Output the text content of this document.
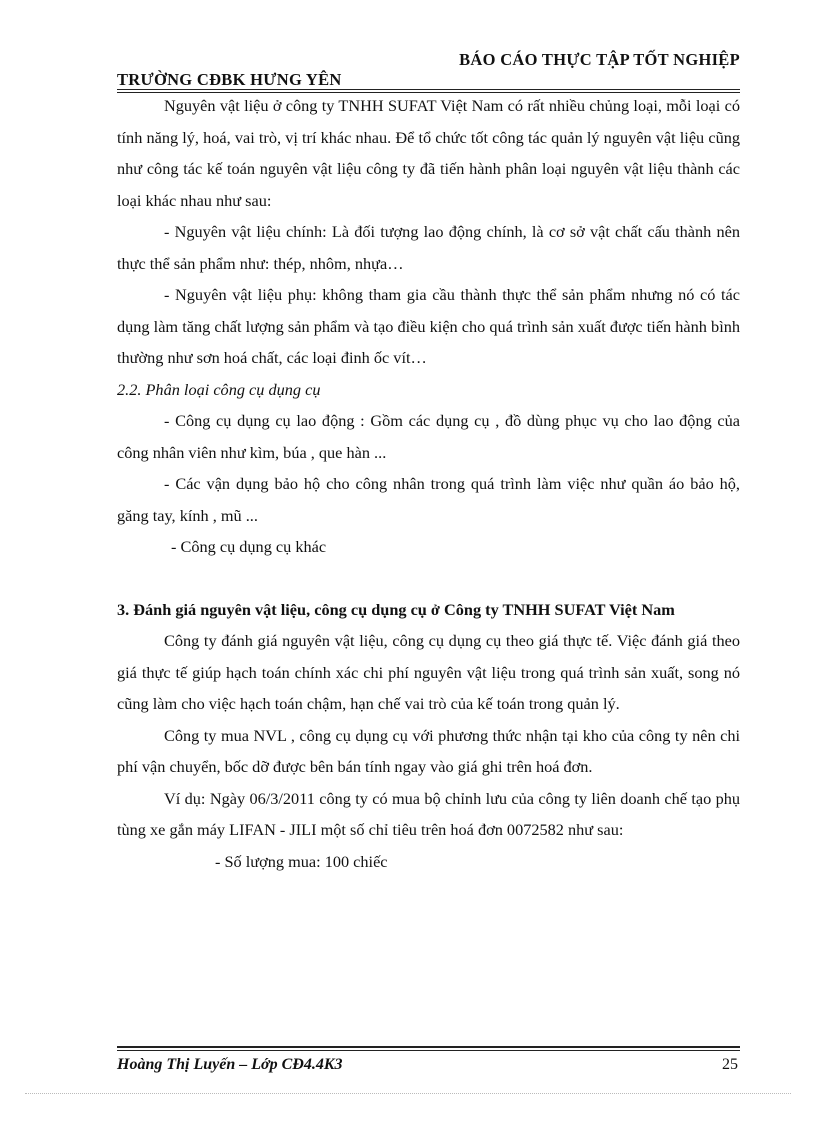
BÁO CÁO THỰC TẬP TỐT NGHIỆP
TRƯỜNG CĐBK HƯNG YÊN

Nguyên vật liệu ở công ty TNHH SUFAT Việt Nam có rất nhiều chủng loại, mỗi loại có tính năng lý, hoá, vai trò, vị trí khác nhau. Để tổ chức tốt công tác quản lý nguyên vật liệu cũng như công tác kế toán nguyên vật liệu công ty đã tiến hành phân loại nguyên vật liệu thành các loại khác nhau như sau:

- Nguyên vật liệu chính: Là đối tượng lao động chính, là cơ sở vật chất cấu thành nên thực thể sản phẩm như: thép, nhôm, nhựa…

- Nguyên vật liệu phụ: không tham gia cầu thành thực thể sản phẩm nhưng nó có tác dụng làm tăng chất lượng sản phẩm và tạo điều kiện cho quá trình sản xuất được tiến hành bình thường như sơn hoá chất, các loại đinh ốc vít…

2.2. Phân loại công cụ dụng cụ

- Công cụ dụng cụ lao động : Gồm các dụng cụ , đồ dùng phục vụ cho lao động của công nhân viên như kìm, búa , que hàn ...

- Các vận dụng bảo hộ cho công nhân trong quá trình làm việc như quần áo bảo hộ, găng tay, kính , mũ ...

- Công cụ dụng cụ khác

3. Đánh giá nguyên vật liệu, công cụ dụng cụ ở Công ty TNHH SUFAT Việt Nam

Công ty đánh giá nguyên vật liệu, công cụ dụng cụ theo giá thực tế. Việc đánh giá theo giá thực tế giúp hạch toán chính xác chi phí nguyên vật liệu trong quá trình sản xuất, song nó cũng làm cho việc hạch toán chậm, hạn chế vai trò của kế toán trong quản lý.

Công ty mua NVL , công cụ dụng cụ với phương thức nhận tại kho của công ty nên chi phí vận chuyển, bốc dỡ được bên bán tính ngay vào giá ghi trên hoá đơn.

Ví dụ: Ngày 06/3/2011 công ty có mua bộ chỉnh lưu của công ty liên doanh chế tạo phụ tùng xe gắn máy LIFAN - JILI một số chỉ tiêu trên hoá đơn 0072582 như sau:

- Số lượng mua: 100 chiếc

Hoàng Thị Luyến – Lớp CĐ4.4K3	25
